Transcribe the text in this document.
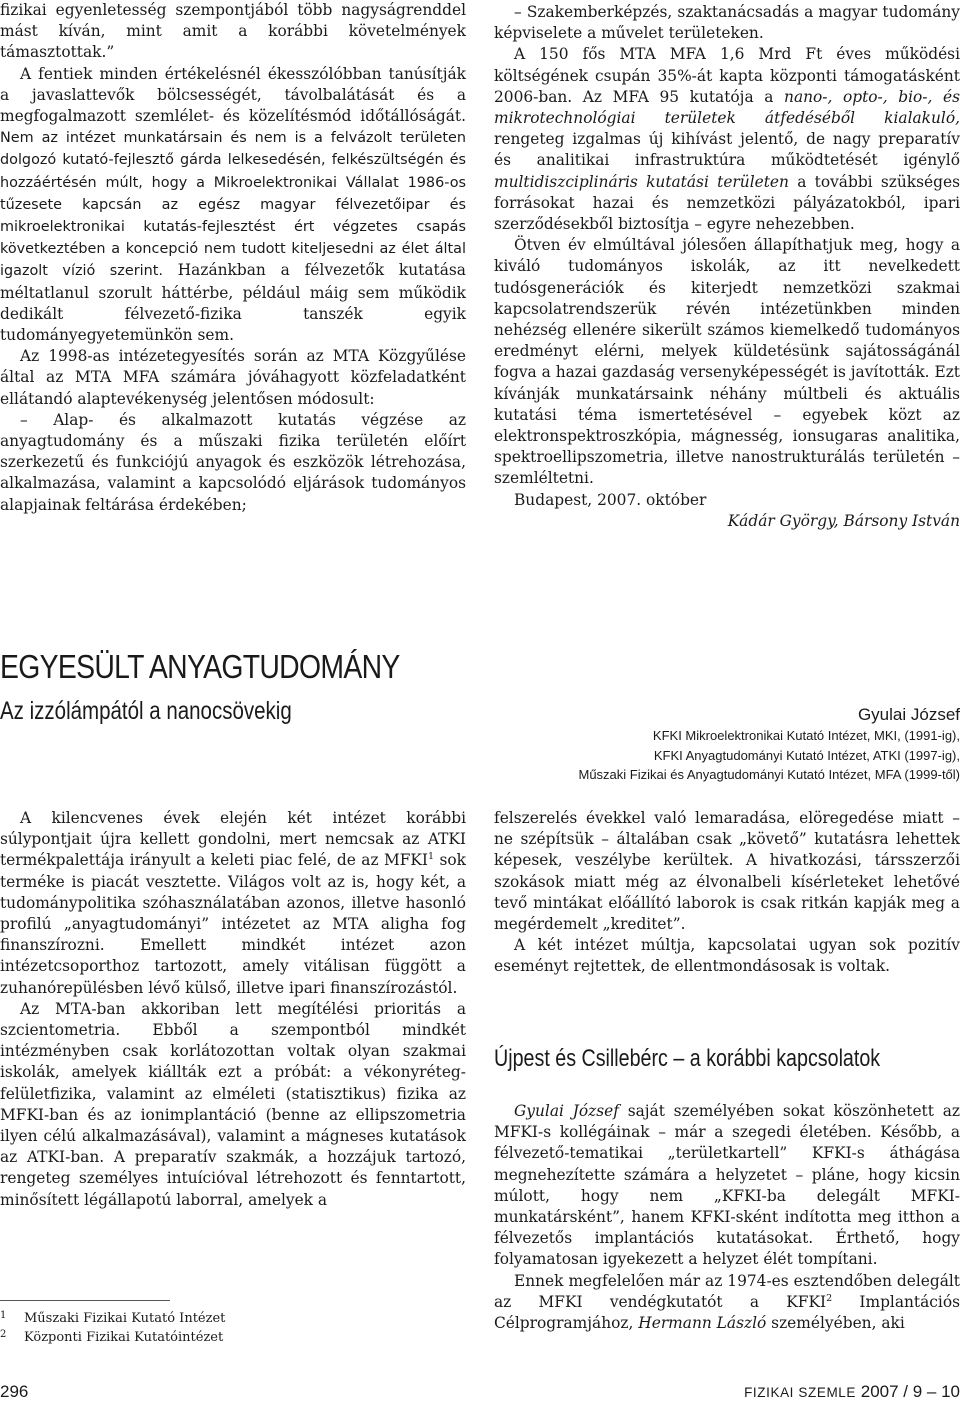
fizikai egyenletesség szempontjából több nagyságrenddel mást kíván, mint amit a korábbi követelmények támasztottak.”

A fentiek minden értékelésnél ékesszólóbban tanúsítják a javaslattevők bölcsességét, távolbalátását és a megfogalmazott szemlélet- és közelítésmód időtállóságát. Nem az intézet munkatársain és nem is a felvázolt területen dolgozó kutató-fejlesztő gárda lelkesedésén, felkészültségén és hozzáértésén múlt, hogy a Mikroelektronikai Vállalat 1986-os tűzesete kapcsán az egész magyar félvezetőipar és mikroelektronikai kutatás-fejlesztést ért végzetes csapás következtében a koncepció nem tudott kiteljesedni az élet által igazolt vízió szerint. Hazánkban a félvezetők kutatása méltatlanul szorult háttérbe, például máig sem működik dedikált félvezető-fizika tanszék egyik tudományegyetemünkön sem.

Az 1998-as intézetegyesítés során az MTA Közgyűlése által az MTA MFA számára jóváhagyott közfeladatként ellátandó alaptevékenység jelentősen módosult:

– Alap- és alkalmazott kutatás végzése az anyagtudomány és a műszaki fizika területén előírt szerkezetű és funkciójú anyagok és eszközök létrehozása, alkalmazása, valamint a kapcsolódó eljárások tudományos alapjainak feltárása érdekében;

– Szakemberképzés, szaktanácsadás a magyar tudomány képviselete a művelet területeken.

A 150 fős MTA MFA 1,6 Mrd Ft éves működési költségének csupán 35%-át kapta központi támogatásként 2006-ban. Az MFA 95 kutatója a nano-, opto-, bio-, és mikrotechnológiai területek átfedéséből kialakuló, rengeteg izgalmas új kihívást jelentő, de nagy preparatív és analitikai infrastruktúra működtetését igénylő multidiszciplináris kutatási területen a további szükséges forrásokat hazai és nemzetközi pályázatokból, ipari szerződésekből biztosítja – egyre nehezebben.

Ötven év elmúltával jólesően állapíthatjuk meg, hogy a kiváló tudományos iskolák, az itt nevelkedett tudósgenerációk és kiterjedt nemzetközi szakmai kapcsolatrendszerük révén intézetünkben minden nehézség ellenére sikerült számos kiemelkedő tudományos eredményt elérni, melyek küldetésünk sajátosságánál fogva a hazai gazdaság versenyképességét is javították. Ezt kívánják munkatársaink néhány múltbeli és aktuális kutatási téma ismertetésével – egyebek közt az elektronspektroszkópia, mágnesség, ionsugaras analitika, spektroellipszometria, illetve nanostrukturálás területén – szemléltetni.

Budapest, 2007. október

Kádár György, Bársony István

EGYESÜLT ANYAGTUDOMÁNY
Az izzólámpától a nanocsövekig	Gyulai József
KFKI Mikroelektronikai Kutató Intézet, MKI, (1991-ig),
KFKI Anyagtudományi Kutató Intézet, ATKI (1997-ig),
Műszaki Fizikai és Anyagtudományi Kutató Intézet, MFA (1999-től)

A kilencvenes évek elején két intézet korábbi súlypontjait újra kellett gondolni, mert nemcsak az ATKI termékpalettája irányult a keleti piac felé, de az MFKI$^1$ sok terméke is piacát vesztette. Világos volt az is, hogy két, a tudománypolitika szóhasználatában azonos, illetve hasonló profilú „anyagtudományi” intézetet az MTA aligha fog finanszírozni. Emellett mindkét intézet azon intézetcsoporthoz tartozott, amely vitálisan függött a zuhanórepülésben lévő külső, illetve ipari finanszírozástól.

Az MTA-ban akkoriban lett megítélési prioritás a szcientometria. Ebből a szempontból mindkét intézményben csak korlátozottan voltak olyan szakmai iskolák, amelyek kiállták ezt a próbát: a vékonyréteg-felületfizika, valamint az elméleti (statisztikus) fizika az MFKI-ban és az ionimplantáció (benne az ellipszometria ilyen célú alkalmazásával), valamint a mágneses kutatások az ATKI-ban. A preparatív szakmák, a hozzájuk tartozó, rengeteg személyes intuícióval létrehozott és fenntartott, minősített légállapotú laborral, amelyek a

felszerelés évekkel való lemaradása, elöregedése miatt – ne szépítsük – általában csak „követő” kutatásra lehettek képesek, veszélybe kerültek. A hivatkozási, társszerzői szokások miatt még az élvonalbeli kísérleteket lehetővé tevő mintákat előállító laborok is csak ritkán kapják meg a megérdemelt „kreditet”.

A két intézet múltja, kapcsolatai ugyan sok pozitív eseményt rejtettek, de ellentmondásosak is voltak.

Újpest és Csillebérc – a korábbi kapcsolatok

Gyulai József saját személyében sokat köszönhetett az MFKI-s kollégáinak – már a szegedi életében. Később, a félvezető-tematikai „területkartell” KFKI-s áthágása megnehezítette számára a helyzetet – pláne, hogy kicsin múlott, hogy nem „KFKI-ba delegált MFKI-munkatársként”, hanem KFKI-sként indította meg itthon a félvezetős implantációs kutatásokat. Érthető, hogy folyamatosan igyekezett a helyzet élét tompítani.

Ennek megfelelően már az 1974-es esztendőben delegált az MFKI vendégkutatót a KFKI$^2$ Implantációs Célprogramjához, Hermann László személyében, aki

1	Műszaki Fizikai Kutató Intézet
2	Központi Fizikai Kutatóintézet
296	FIZIKAI SZEMLE 2007 / 9 – 10
